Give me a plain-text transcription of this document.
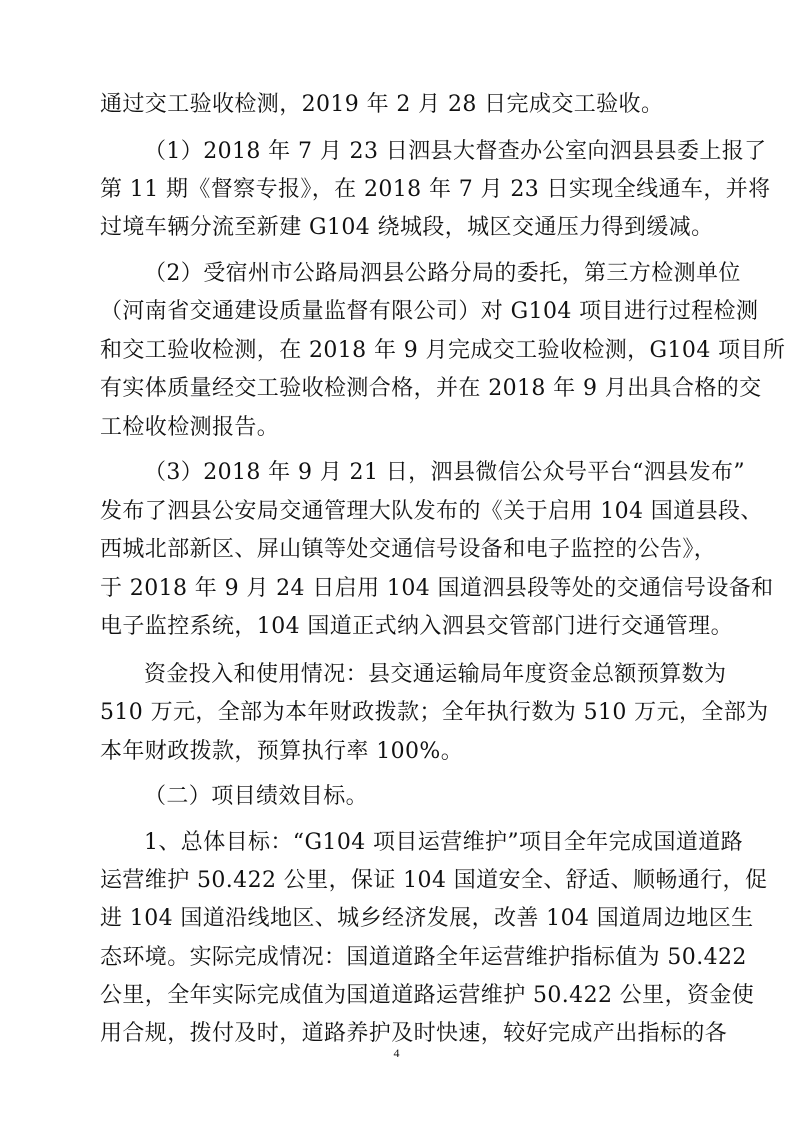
通过交工验收检测，2019 年 2 月 28 日完成交工验收。
（1）2018 年 7 月 23 日泗县大督查办公室向泗县县委上报了
第 11 期《督察专报》，在 2018 年 7 月 23 日实现全线通车，并将
过境车辆分流至新建 G104 绕城段，城区交通压力得到缓减。
（2）受宿州市公路局泗县公路分局的委托，第三方检测单位
（河南省交通建设质量监督有限公司）对 G104 项目进行过程检测
和交工验收检测，在 2018 年 9 月完成交工验收检测，G104 项目所
有实体质量经交工验收检测合格，并在 2018 年 9 月出具合格的交
工检收检测报告。
（3）2018 年 9 月 21 日，泗县微信公众号平台“泗县发布”
发布了泗县公安局交通管理大队发布的《关于启用 104 国道县段、
西城北部新区、屏山镇等处交通信号设备和电子监控的公告》，
于 2018 年 9 月 24 日启用 104 国道泗县段等处的交通信号设备和
电子监控系统，104 国道正式纳入泗县交管部门进行交通管理。
资金投入和使用情况：县交通运输局年度资金总额预算数为
510 万元，全部为本年财政拨款；全年执行数为 510 万元，全部为
本年财政拨款，预算执行率 100%。
（二）项目绩效目标。
1、总体目标：“G104 项目运营维护”项目全年完成国道道路
运营维护 50.422 公里，保证 104 国道安全、舒适、顺畅通行，促
进 104 国道沿线地区、城乡经济发展，改善 104 国道周边地区生
态环境。实际完成情况：国道道路全年运营维护指标值为 50.422
公里，全年实际完成值为国道道路运营维护 50.422 公里，资金使
用合规，拨付及时，道路养护及时快速，较好完成产出指标的各
4
